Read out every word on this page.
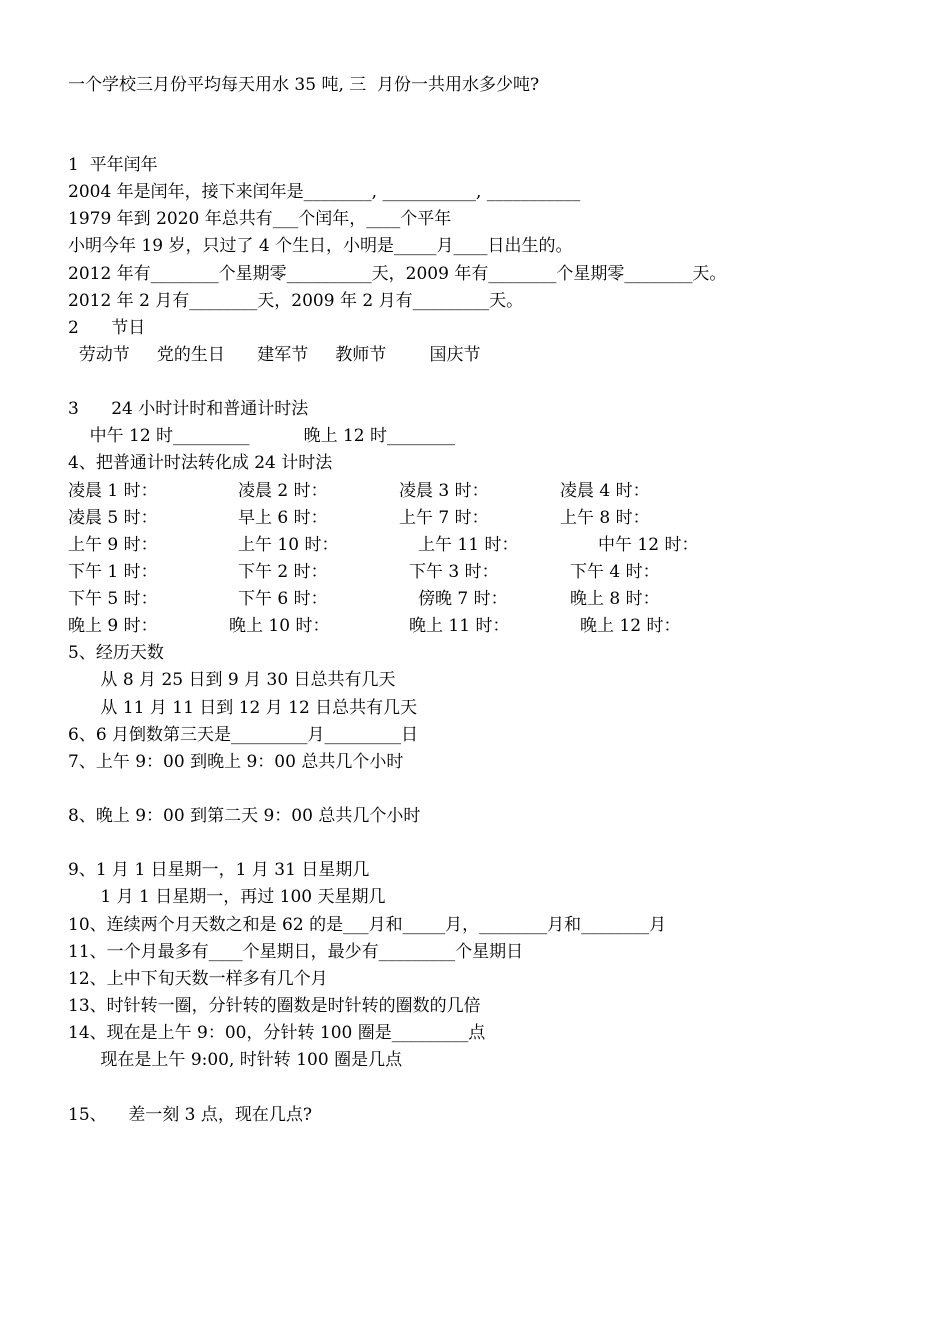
一个学校三月份平均每天用水 35 吨, 三  月份一共用水多少吨?
1  平年闰年
2004 年是闰年，接下来闰年是________, ___________, ___________
1979 年到 2020 年总共有___个闰年，____个平年
小明今年 19 岁，只过了 4 个生日，小明是_____月____日出生的。
2012 年有________个星期零__________天，2009 年有________个星期零________天。
2012 年 2 月有________天，2009 年 2 月有_________天。
2      节日
劳动节     党的生日      建军节     教师节        国庆节
3      24 小时计时和普通计时法
中午 12 时_________          晚上 12 时________
4、把普通计时法转化成 24 计时法
凌晨 1 时：	凌晨 2 时：	凌晨 3 时：	凌晨 4 时：
凌晨 5 时：	早上 6 时：	上午 7 时：	上午 8 时：
上午 9 时：	上午 10 时：	上午 11 时：	中午 12 时：
下午 1 时：	下午 2 时：	下午 3 时：	下午 4 时：
下午 5 时：	下午 6 时：	傍晚 7 时：	晚上 8 时：
晚上 9 时：	晚上 10 时：	晚上 11 时：	晚上 12 时：
5、经历天数
从 8 月 25 日到 9 月 30 日总共有几天
从 11 月 11 日到 12 月 12 日总共有几天
6、6 月倒数第三天是_________月_________日
7、上午 9：00 到晚上 9：00 总共几个小时
8、晚上 9：00 到第二天 9：00 总共几个小时
9、1 月 1 日星期一，1 月 31 日星期几
1 月 1 日星期一，再过 100 天星期几
10、连续两个月天数之和是 62 的是___月和_____月，________月和________月
11、一个月最多有____个星期日，最少有_________个星期日
12、上中下旬天数一样多有几个月
13、时针转一圈，分针转的圈数是时针转的圈数的几倍
14、现在是上午 9：00，分针转 100 圈是_________点
现在是上午 9:00, 时针转 100 圈是几点
15、    差一刻 3 点，现在几点?
